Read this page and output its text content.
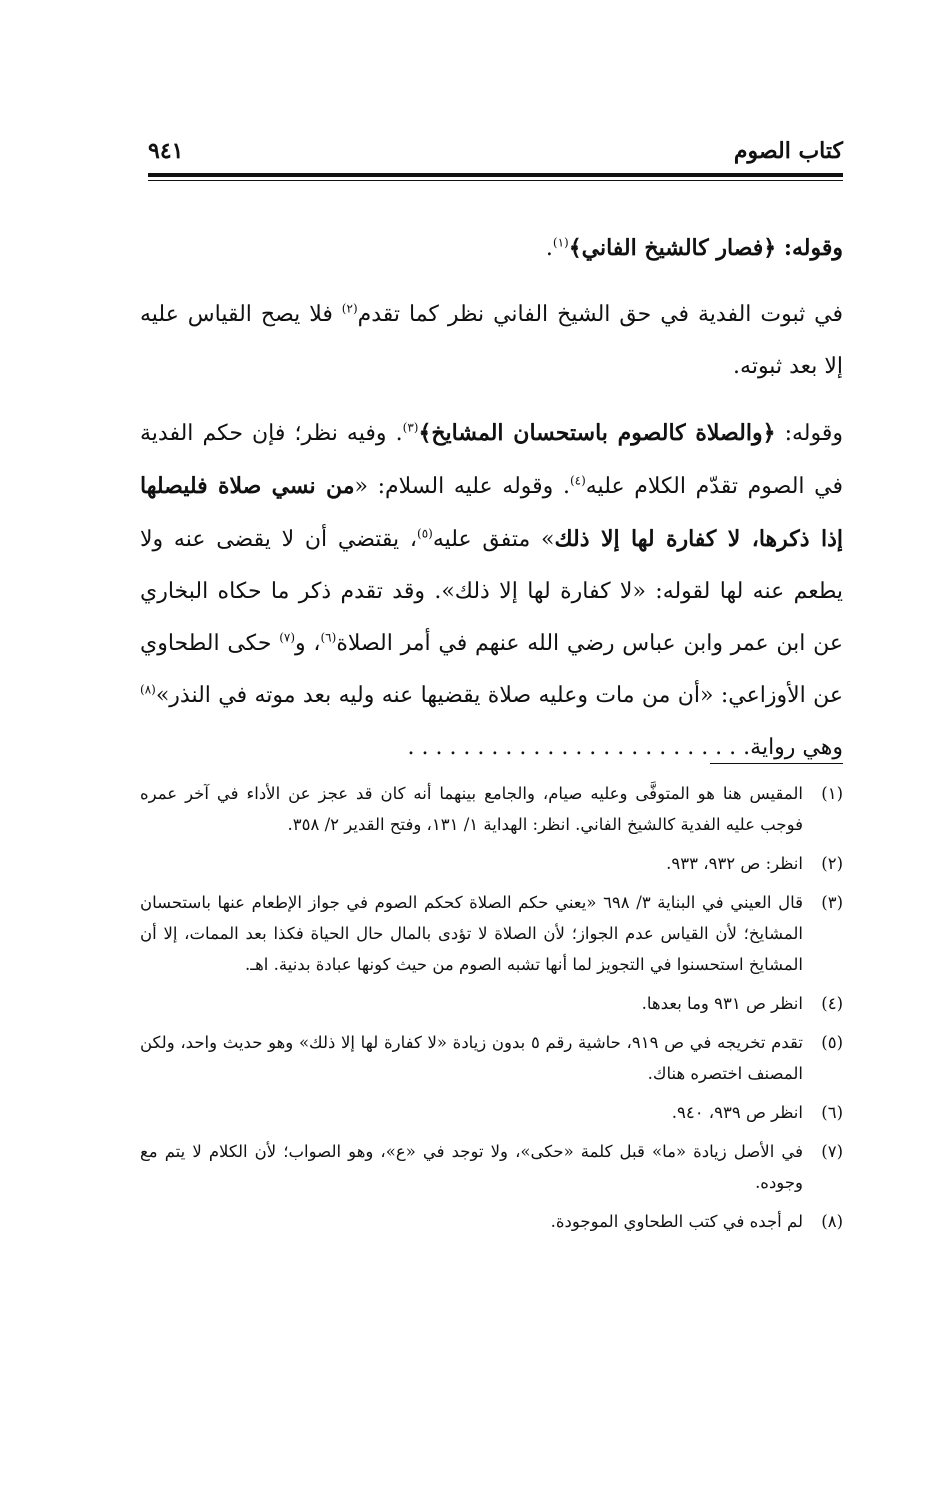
كتاب الصوم
٩٤١

وقوله: ﴿فصار كالشيخ الفاني﴾$^{(١)}$.

في ثبوت الفدية في حق الشيخ الفاني نظر كما تقدم$^{(٢)}$ فلا يصح القياس عليه إلا بعد ثبوته.

وقوله: ﴿والصلاة كالصوم باستحسان المشايخ﴾$^{(٣)}$. وفيه نظر؛ فإن حكم الفدية في الصوم تقدّم الكلام عليه$^{(٤)}$. وقوله عليه السلام: «من نسي صلاة فليصلها إذا ذكرها، لا كفارة لها إلا ذلك» متفق عليه$^{(٥)}$، يقتضي أن لا يقضى عنه ولا يطعم عنه لها لقوله: «لا كفارة لها إلا ذلك». وقد تقدم ذكر ما حكاه البخاري عن ابن عمر وابن عباس رضي الله عنهم في أمر الصلاة$^{(٦)}$، و$^{(٧)}$ حكى الطحاوي عن الأوزاعي: «أن من مات وعليه صلاة يقضيها عنه وليه بعد موته في النذر»$^{(٨)}$ وهي رواية. . . . . . . . . . . . . . . . . . . . . . . . .

(١)
المقيس هنا هو المتوفَّى وعليه صيام، والجامع بينهما أنه كان قد عجز عن الأداء في آخر عمره فوجب عليه الفدية كالشيخ الفاني. انظر: الهداية ١/ ١٣١، وفتح القدير ٢/ ٣٥٨.
(٢)
انظر: ص ٩٣٢، ٩٣٣.
(٣)
قال العيني في البناية ٣/ ٦٩٨ «يعني حكم الصلاة كحكم الصوم في جواز الإطعام عنها باستحسان المشايخ؛ لأن القياس عدم الجواز؛ لأن الصلاة لا تؤدى بالمال حال الحياة فكذا بعد الممات، إلا أن المشايخ استحسنوا في التجويز لما أنها تشبه الصوم من حيث كونها عبادة بدنية. اهـ.
(٤)
انظر ص ٩٣١ وما بعدها.
(٥)
تقدم تخريجه في ص ٩١٩، حاشية رقم ٥ بدون زيادة «لا كفارة لها إلا ذلك» وهو حديث واحد، ولكن المصنف اختصره هناك.
(٦)
انظر ص ٩٣٩، ٩٤٠.
(٧)
في الأصل زيادة «ما» قبل كلمة «حكى»، ولا توجد في «ع»، وهو الصواب؛ لأن الكلام لا يتم مع وجوده.
(٨)
لم أجده في كتب الطحاوي الموجودة.
